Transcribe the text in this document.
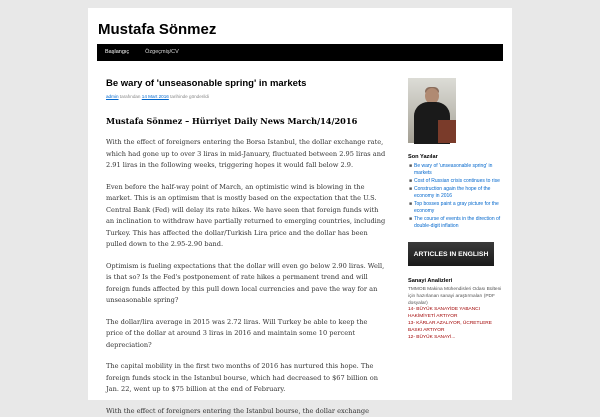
Mustafa Sönmez
Başlangıç	Özgeçmiş/CV
Be wary of 'unseasonable spring' in markets
admin tarafından 14 Mart 2016 tarihinde gönderildi
Mustafa Sönmez – Hürriyet Daily News March/14/2016

With the effect of foreigners entering the Borsa Istanbul, the dollar exchange rate, which had gone up to over 3 liras in mid-January, fluctuated between 2.95 liras and 2.91 liras in the following weeks, triggering hopes it would fall below 2.9.

Even before the half-way point of March, an optimistic wind is blowing in the market. This is an optimism that is mostly based on the expectation that the U.S. Central Bank (Fed) will delay its rate hikes. We have seen that foreign funds with an inclination to withdraw have partially returned to emerging countries, including Turkey. This has affected the dollar/Turkish Lira price and the dollar has been pulled down to the 2.95-2.90 band.

Optimism is fueling expectations that the dollar will even go below 2.90 liras. Well, is that so? Is the Fed's postponement of rate hikes a permanent trend and will foreign funds affected by this pull down local currencies and pave the way for an unseasonable spring?

The dollar/lira average in 2015 was 2.72 liras. Will Turkey be able to keep the price of the dollar at around 3 liras in 2016 and maintain some 10 percent depreciation?

The capital mobility in the first two months of 2016 has nurtured this hope. The foreign funds stock in the Istanbul bourse, which had decreased to $67 billion on Jan. 22, went up to $75 billion at the end of February.

With the effect of foreigners entering the Istanbul bourse, the dollar exchange

Son Yazılar
■ Be wary of 'unseasonable spring' in markets
■ Cost of Russian crisis continues to rise
■ Construction again the hope of the economy in 2016
■ Top bosses paint a gray picture for the economy
■ The course of events in the direction of double-digit inflation
ARTICLES IN ENGLISH
Sanayi Analizleri
TMMOB Makina Mühendisleri Odası Bülteni için hazırlanan sanayi araştırmaları (PDF dosyalar)
14- BÜYÜK SANAYİDE YABANCI HAKİMİYETİ ARTIYOR
13- KÂRLAR AZALIYOR, ÜCRETLERE BASKI ARTIYOR
12- BÜYÜK SANAYİ...
